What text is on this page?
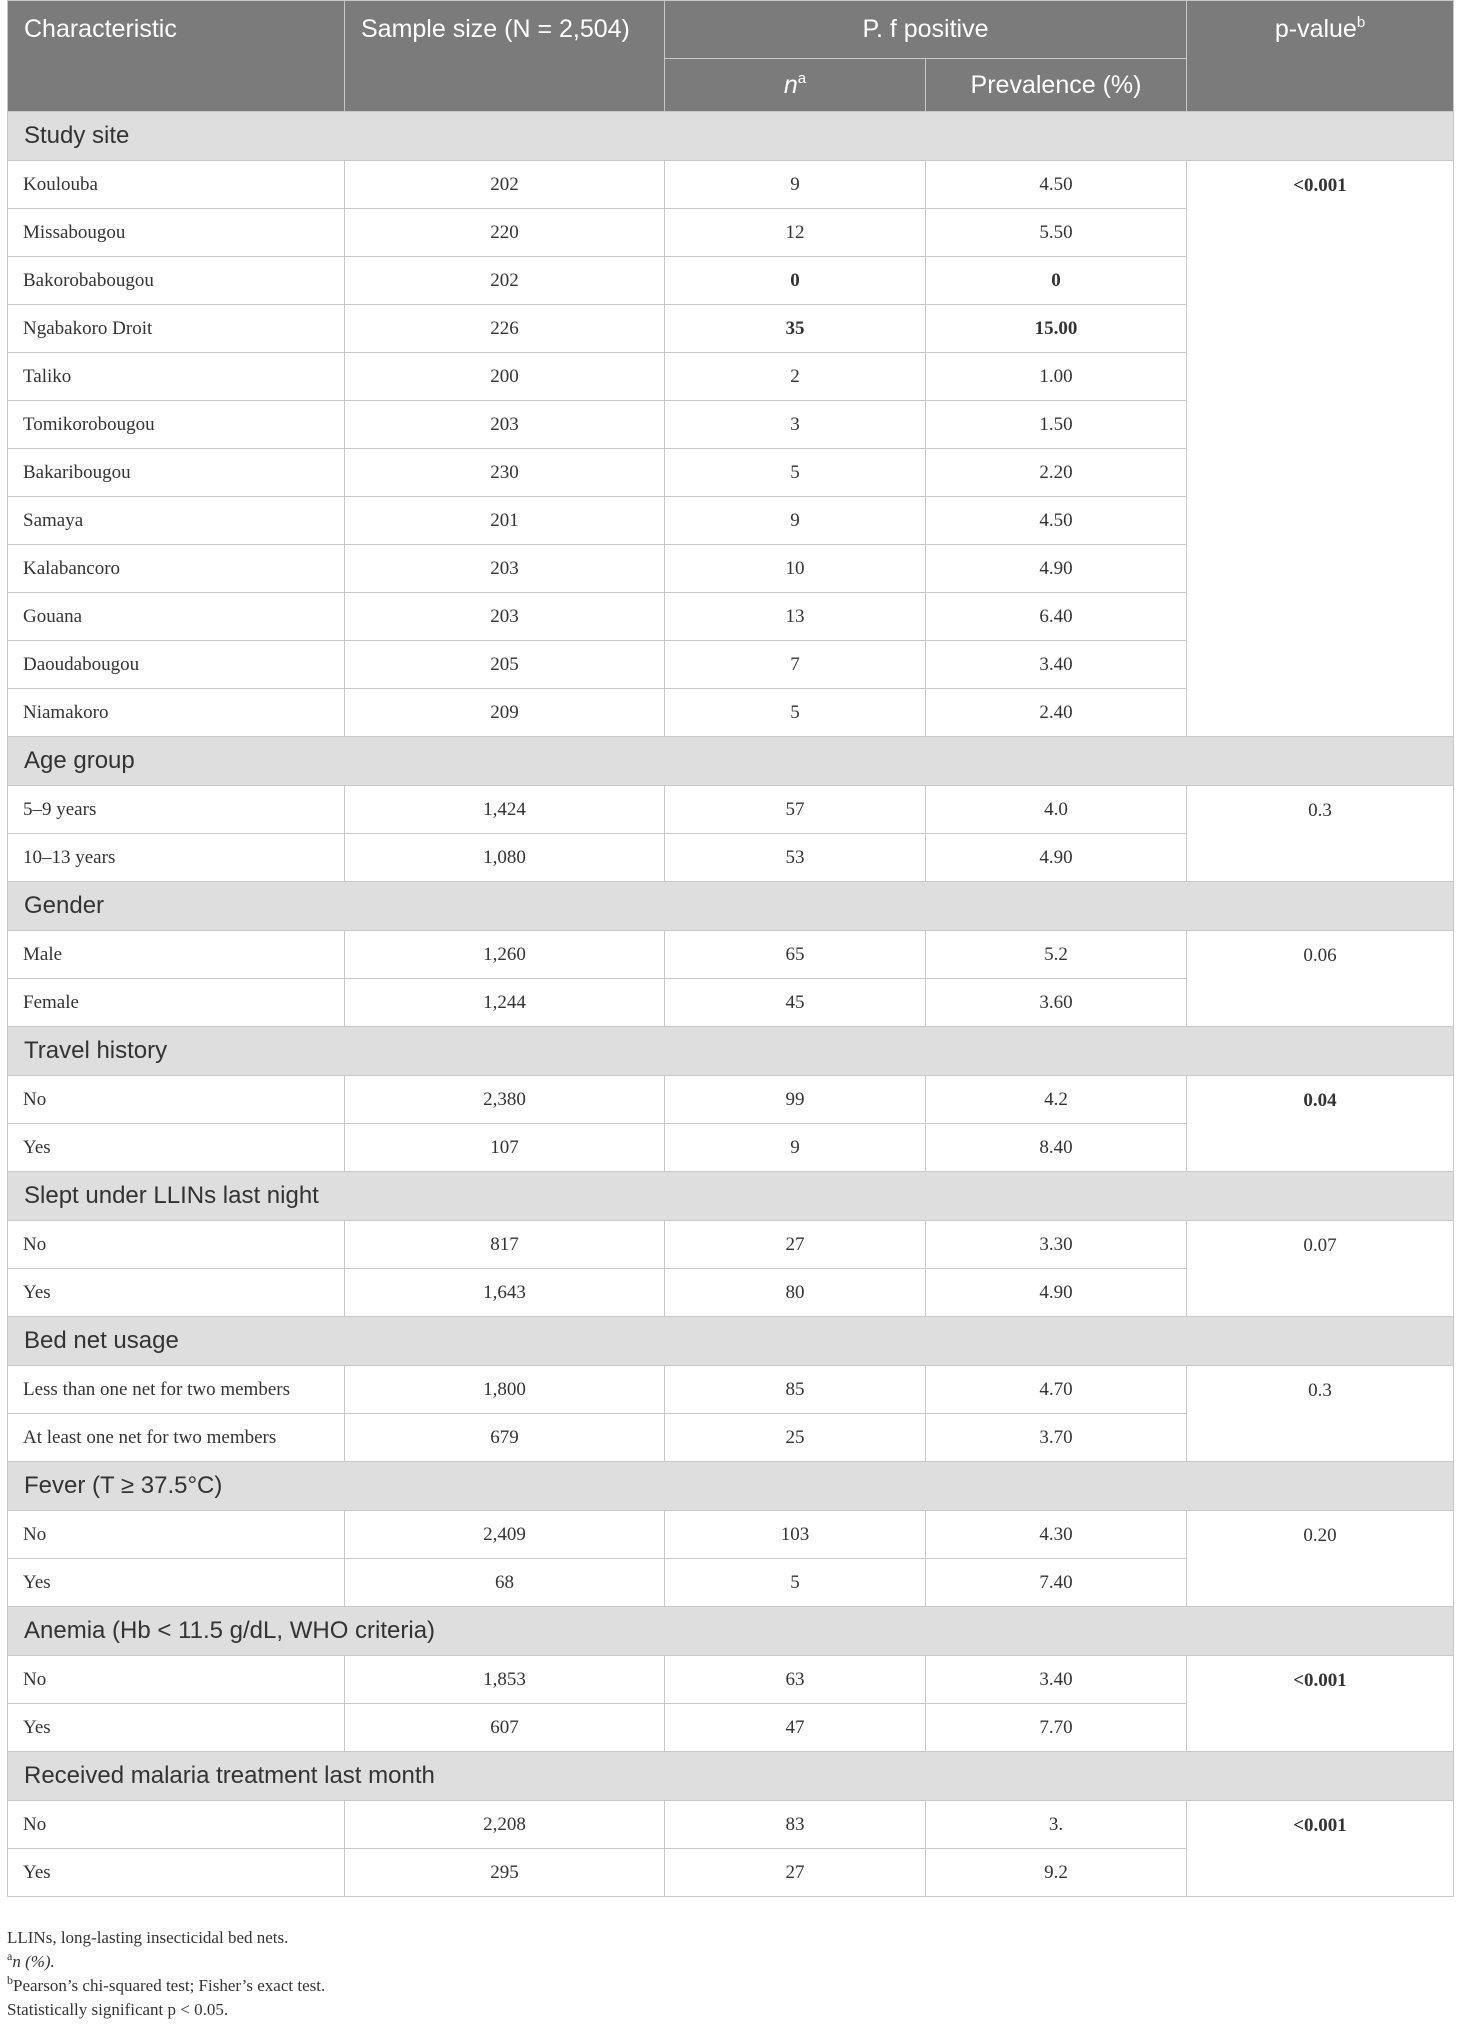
Characteristic	Sample size (N = 2,504)	P. f positive		p-value$^b$
		$n^a$	Prevalence (%)	
Study site				
Koulouba	202	9	4.50	<0.001
Missabougou	220	12	5.50	
Bakorobabougou	202	0	0	
Ngabakoro Droit	226	35	15.00	
Taliko	200	2	1.00	
Tomikorobougou	203	3	1.50	
Bakaribougou	230	5	2.20	
Samaya	201	9	4.50	
Kalabancoro	203	10	4.90	
Gouana	203	13	6.40	
Daoudabougou	205	7	3.40	
Niamakoro	209	5	2.40	
Age group				
5–9 years	1,424	57	4.0	0.3
10–13 years	1,080	53	4.90	
Gender				
Male	1,260	65	5.2	0.06
Female	1,244	45	3.60	
Travel history				
No	2,380	99	4.2	0.04
Yes	107	9	8.40	
Slept under LLINs last night				
No	817	27	3.30	0.07
Yes	1,643	80	4.90	
Bed net usage				
Less than one net for two members	1,800	85	4.70	0.3
At least one net for two members	679	25	3.70	
Fever (T ≥ 37.5°C)				
No	2,409	103	4.30	0.20
Yes	68	5	7.40	
Anemia (Hb < 11.5 g/dL, WHO criteria)				
No	1,853	63	3.40	<0.001
Yes	607	47	7.70	
Received malaria treatment last month				
No	2,208	83	3.	<0.001
Yes	295	27	9.2	
LLINs, long-lasting insecticidal bed nets.
$^a$n (%).
$^b$Pearson’s chi-squared test; Fisher’s exact test.
Statistically significant p < 0.05.
